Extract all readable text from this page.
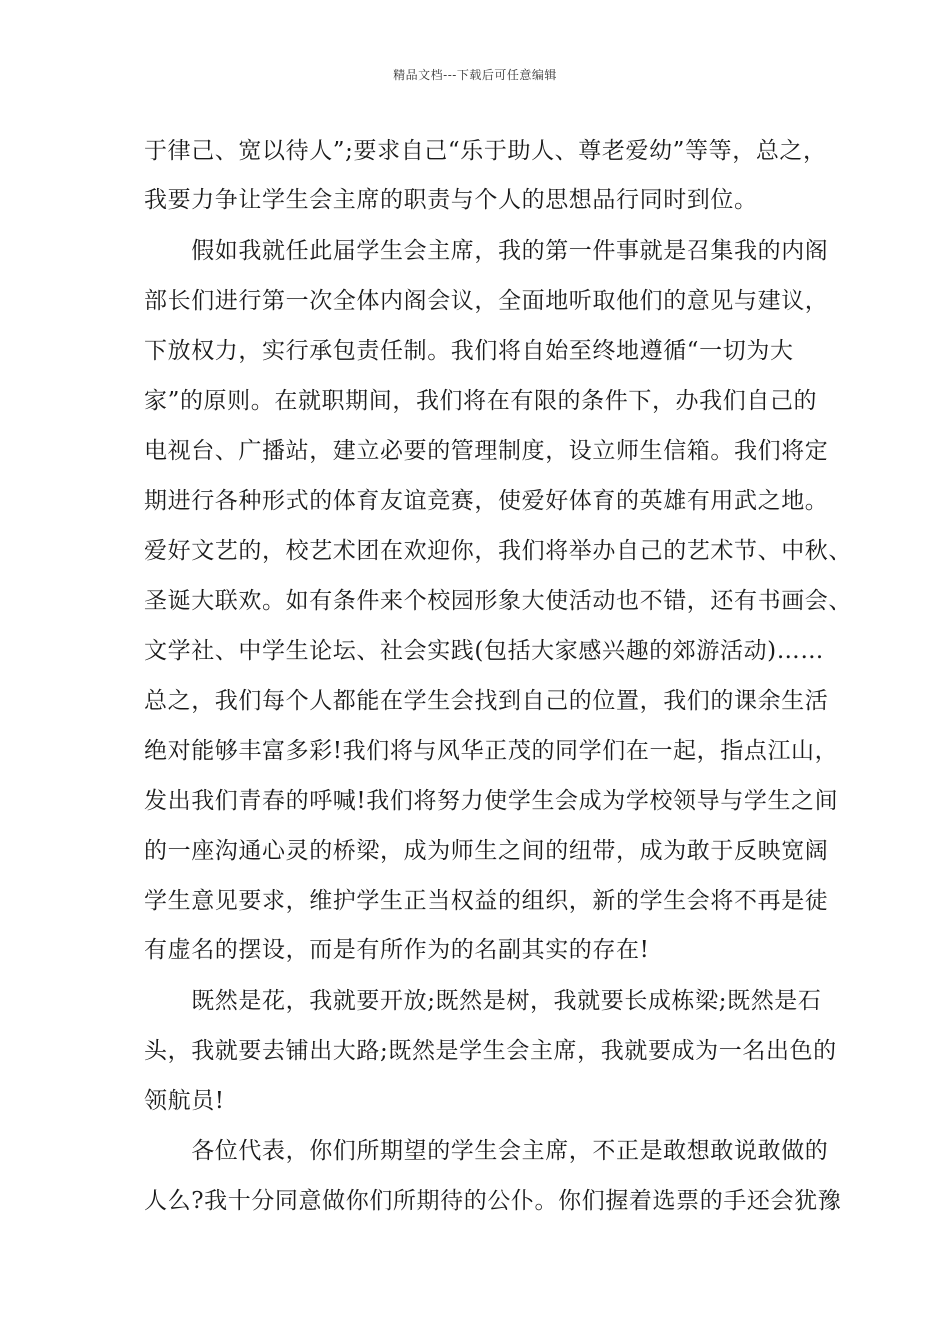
精品文档---下载后可任意编辑
于律己、宽以待人”;要求自己“乐于助人、尊老爱幼”等等，总之，
我要力争让学生会主席的职责与个人的思想品行同时到位。
　　假如我就任此届学生会主席，我的第一件事就是召集我的内阁
部长们进行第一次全体内阁会议，全面地听取他们的意见与建议，
下放权力，实行承包责任制。我们将自始至终地遵循“一切为大
家”的原则。在就职期间，我们将在有限的条件下，办我们自己的
电视台、广播站，建立必要的管理制度，设立师生信箱。我们将定
期进行各种形式的体育友谊竞赛，使爱好体育的英雄有用武之地。
爱好文艺的，校艺术团在欢迎你，我们将举办自己的艺术节、中秋、
圣诞大联欢。如有条件来个校园形象大使活动也不错，还有书画会、
文学社、中学生论坛、社会实践(包括大家感兴趣的郊游活动)……
总之，我们每个人都能在学生会找到自己的位置，我们的课余生活
绝对能够丰富多彩!我们将与风华正茂的同学们在一起，指点江山，
发出我们青春的呼喊!我们将努力使学生会成为学校领导与学生之间
的一座沟通心灵的桥梁，成为师生之间的纽带，成为敢于反映宽阔
学生意见要求，维护学生正当权益的组织，新的学生会将不再是徒
有虚名的摆设，而是有所作为的名副其实的存在!
　　既然是花，我就要开放;既然是树，我就要长成栋梁;既然是石
头，我就要去铺出大路;既然是学生会主席，我就要成为一名出色的
领航员!
　　各位代表，你们所期望的学生会主席，不正是敢想敢说敢做的
人么?我十分同意做你们所期待的公仆。你们握着选票的手还会犹豫
